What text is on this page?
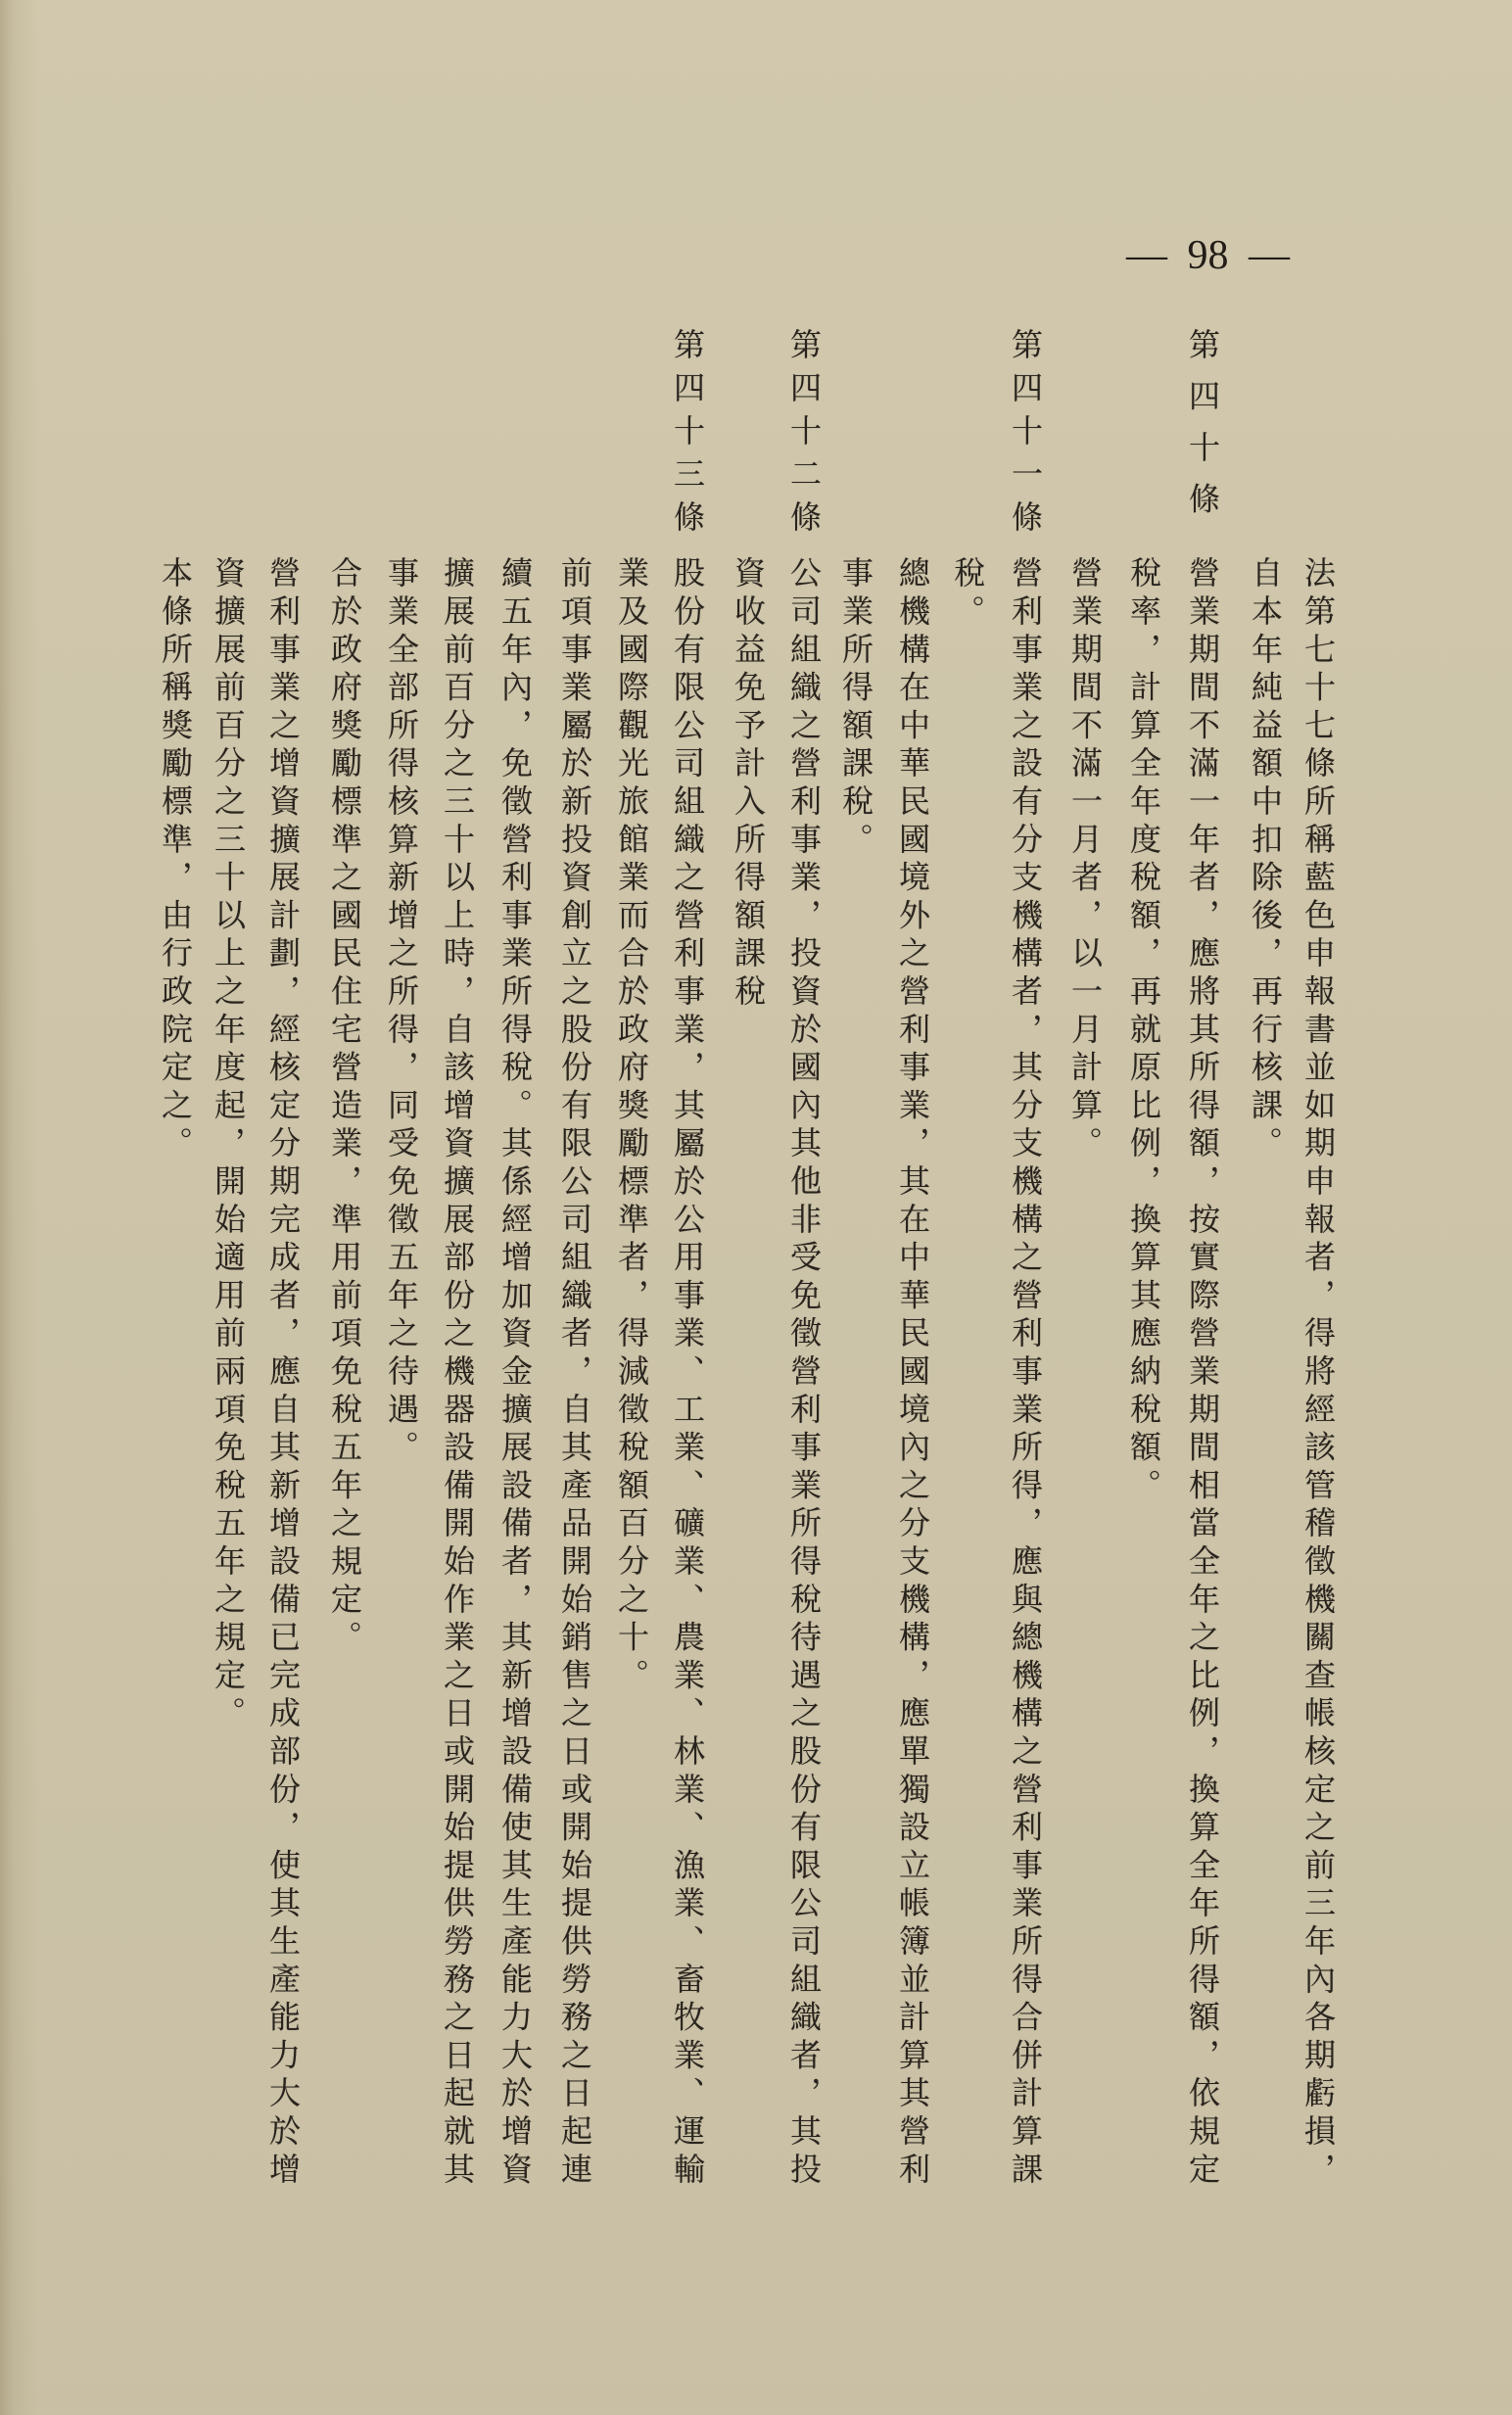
— 98 —
法第七十七條所稱藍色申報書並如期申報者，得將經該管稽徵機關查帳核定之前三年內各期虧損，
自本年純益額中扣除後，再行核課。
第四十條
營業期間不滿一年者，應將其所得額，按實際營業期間相當全年之比例，換算全年所得額，依規定
稅率，計算全年度稅額，再就原比例，換算其應納稅額。
營業期間不滿一月者，以一月計算。
第四十一條
營利事業之設有分支機構者，其分支機構之營利事業所得，應與總機構之營利事業所得合併計算課
稅。
總機構在中華民國境外之營利事業，其在中華民國境內之分支機構，應單獨設立帳簿並計算其營利
事業所得額課稅。
第四十二條
公司組織之營利事業，投資於國內其他非受免徵營利事業所得稅待遇之股份有限公司組織者，其投
資收益免予計入所得額課稅
第四十三條
股份有限公司組織之營利事業，其屬於公用事業、工業、礦業、農業、林業、漁業、畜牧業、運輸
業及國際觀光旅館業而合於政府獎勵標準者，得減徵稅額百分之十。
前項事業屬於新投資創立之股份有限公司組織者，自其產品開始銷售之日或開始提供勞務之日起連
續五年內，免徵營利事業所得稅。其係經增加資金擴展設備者，其新增設備使其生產能力大於增資
擴展前百分之三十以上時，自該增資擴展部份之機器設備開始作業之日或開始提供勞務之日起就其
事業全部所得核算新增之所得，同受免徵五年之待遇。
合於政府獎勵標準之國民住宅營造業，準用前項免稅五年之規定。
營利事業之增資擴展計劃，經核定分期完成者，應自其新增設備已完成部份，使其生產能力大於增
資擴展前百分之三十以上之年度起，開始適用前兩項免稅五年之規定。
本條所稱獎勵標準，由行政院定之。
